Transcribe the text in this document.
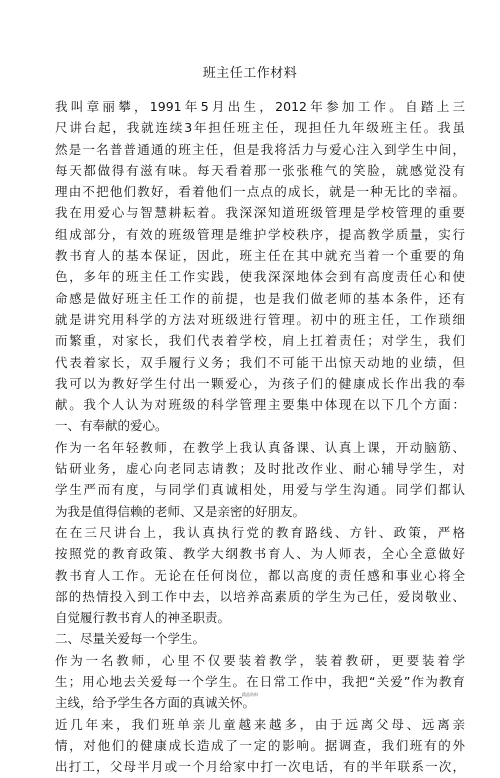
班主任工作材料
我叫章丽攀，1991年5月出生，2012年参加工作。自踏上三
尺讲台起，我就连续3年担任班主任，现担任九年级班主任。我虽
然是一名普普通通的班主任，但是我将活力与爱心注入到学生中间，
每天都做得有滋有味。每天看着那一张张稚气的笑脸，就感觉没有
理由不把他们教好，看着他们一点点的成长，就是一种无比的幸福。
我在用爱心与智慧耕耘着。我深深知道班级管理是学校管理的重要
组成部分，有效的班级管理是维护学校秩序，提高教学质量，实行
教书育人的基本保证，因此，班主任在其中就充当着一个重要的角
色，多年的班主任工作实践，使我深深地体会到有高度责任心和使
命感是做好班主任工作的前提，也是我们做老师的基本条件，还有
就是讲究用科学的方法对班级进行管理。初中的班主任，工作琐细
而繁重，对家长，我们代表着学校，肩上扛着责任；对学生，我们
代表着家长，双手履行义务；我们不可能干出惊天动地的业绩，但
我可以为教好学生付出一颗爱心，为孩子们的健康成长作出我的奉
献。我个人认为对班级的科学管理主要集中体现在以下几个方面：
一、有奉献的爱心。
作为一名年轻教师，在教学上我认真备课、认真上课，开动脑筋、
钻研业务，虚心向老同志请教；及时批改作业、耐心辅导学生，对
学生严而有度，与同学们真诚相处，用爱与学生沟通。同学们都认
为我是值得信赖的老师、又是亲密的好朋友。
在在三尺讲台上，我认真执行党的教育路线、方针、政策，严格
按照党的教育政策、教学大纲教书育人、为人师表，全心全意做好
教书育人工作。无论在任何岗位，都以高度的责任感和事业心将全
部的热情投入到工作中去，以培养高素质的学生为己任，爱岗敬业、
自觉履行教书育人的神圣职责。
二、尽量关爱每一个学生。
作为一名教师，心里不仅要装着教学，装着教研，更要装着学
生；用心地去关爱每一个学生。在日常工作中，我把“关爱”作为教育
主线，给予学生各方面的真诚关怀。
近几年来，我们班单亲儿童越来越多，由于远离父母、远离亲
情，对他们的健康成长造成了一定的影响。据调查，我们班有的外
出打工，父母半月或一个月给家中打一次电话，有的半年联系一次，
精品资料
